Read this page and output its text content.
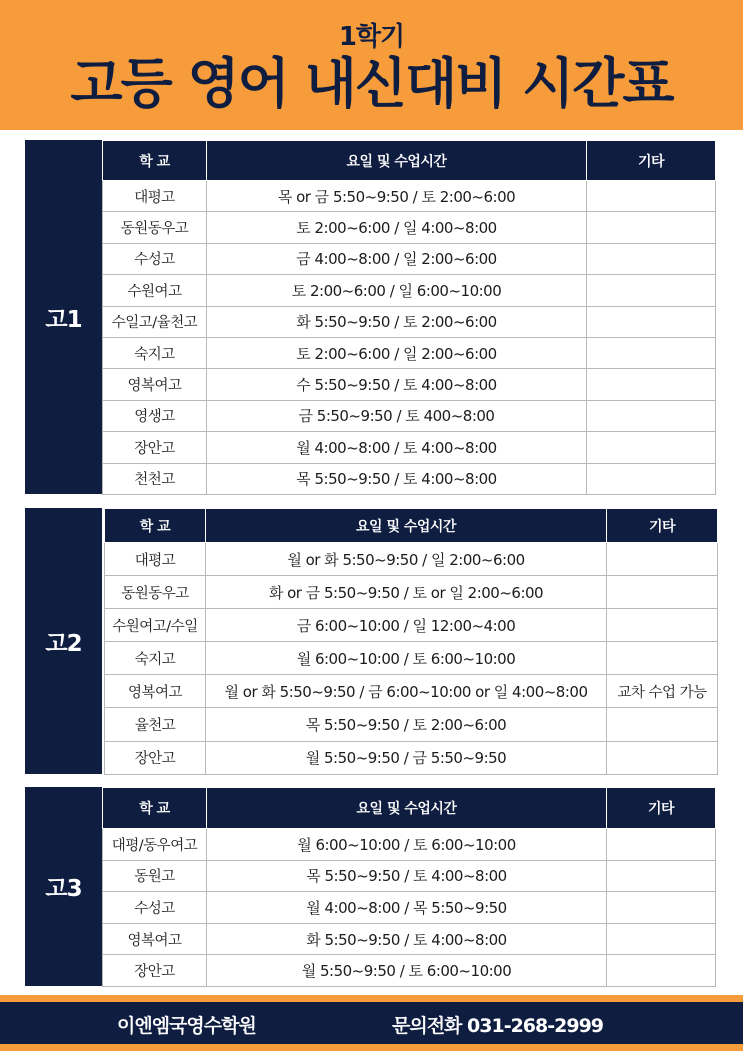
1학기
고등 영어 내신대비 시간표
고1
학 교	요일 및 수업시간	기타
대평고	목 or 금 5:50~9:50 / 토 2:00~6:00	
동원동우고	토 2:00~6:00 / 일 4:00~8:00	
수성고	금 4:00~8:00 / 일 2:00~6:00	
수원여고	토 2:00~6:00 / 일 6:00~10:00	
수일고/율천고	화 5:50~9:50 / 토 2:00~6:00	
숙지고	토 2:00~6:00 / 일 2:00~6:00	
영복여고	수 5:50~9:50 / 토 4:00~8:00	
영생고	금 5:50~9:50 / 토 400~8:00	
장안고	월 4:00~8:00 / 토 4:00~8:00	
천천고	목 5:50~9:50 / 토 4:00~8:00	
고2
학 교	요일 및 수업시간	기타
대평고	월 or 화 5:50~9:50 / 일 2:00~6:00	
동원동우고	화 or 금 5:50~9:50 / 토 or 일 2:00~6:00	
수원여고/수일	금 6:00~10:00 / 일 12:00~4:00	
숙지고	월 6:00~10:00 / 토 6:00~10:00	
영복여고	월 or 화 5:50~9:50 / 금 6:00~10:00 or 일 4:00~8:00	교차 수업 가능
율천고	목 5:50~9:50 / 토 2:00~6:00	
장안고	월 5:50~9:50 / 금 5:50~9:50	
고3
학 교	요일 및 수업시간	기타
대평/동우여고	월 6:00~10:00 / 토 6:00~10:00	
동원고	목 5:50~9:50 / 토 4:00~8:00	
수성고	월 4:00~8:00 / 목 5:50~9:50	
영복여고	화 5:50~9:50 / 토 4:00~8:00	
장안고	월 5:50~9:50 / 토 6:00~10:00	
이엔엠국영수학원	문의전화 031-268-2999
